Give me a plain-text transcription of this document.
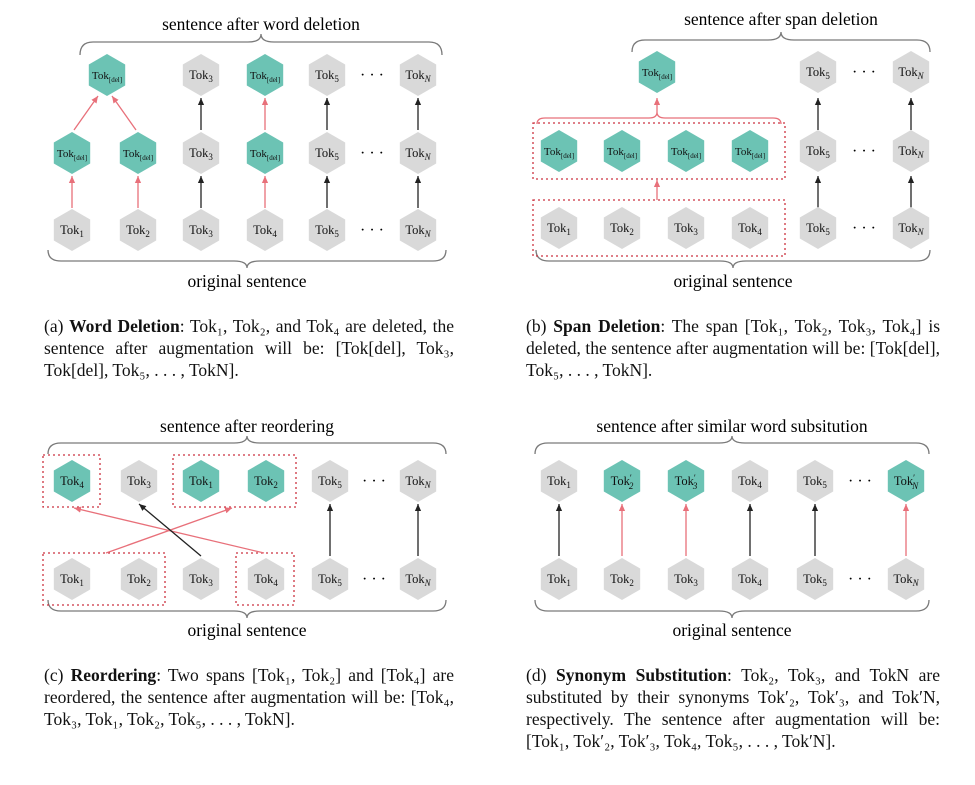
sentence after word deletion
original sentence
sentence after span deletion
original sentence
sentence after reordering
original sentence
sentence after similar word subsitution
original sentence
Tok$_{[del]}$	Tok$_3$	Tok$_{[del]}$	Tok$_5$ · · · Tok$_N$
Tok$_{[del]}$	Tok$_{[del]}$	Tok$_3$	Tok$_{[del]}$	Tok$_5$ · · · Tok$_N$
Tok$_1$	Tok$_2$	Tok$_3$	Tok$_4$	Tok$_5$ · · · Tok$_N$
Tok$_{[del]}$	Tok$_5$ · · · Tok$_N$
Tok$_{[del]}$	Tok$_{[del]}$	Tok$_{[del]}$	Tok$_{[del]}$	Tok$_5$ · · · Tok$_N$
Tok$_1$	Tok$_2$	Tok$_3$	Tok$_4$	Tok$_5$ · · · Tok$_N$
Tok$_4$	Tok$_3$	Tok$_1$	Tok$_2$	Tok$_5$ · · · Tok$_N$
Tok$_1$	Tok$_2$	Tok$_3$	Tok$_4$	Tok$_5$ · · · Tok$_N$
Tok$_1$	Tok′ 2	Tok′ 3	Tok$_4$	Tok$_5$ · · · Tok′ N
Tok$_1$	Tok$_2$	Tok$_3$	Tok$_4$	Tok$_5$ · · · Tok$_N$
(a) Word Deletion: Tok₁, Tok₂, and Tok₄ are deleted, the sentence after augmentation will be: [Tok[del], Tok₃, Tok[del], Tok₅, . . . , TokN].
(b) Span Deletion: The span [Tok₁, Tok₂, Tok₃, Tok₄] is deleted, the sentence after augmentation will be: [Tok[del], Tok₅, . . . , TokN].
(c) Reordering: Two spans [Tok₁, Tok₂] and [Tok₄] are reordered, the sentence after augmentation will be: [Tok₄, Tok₃, Tok₁, Tok₂, Tok₅, . . . , TokN].
(d) Synonym Substitution: Tok₂, Tok₃, and TokN are substituted by their synonyms Tok′₂, Tok′₃, and Tok′N, respectively. The sentence after augmentation will be: [Tok₁, Tok′₂, Tok′₃, Tok₄, Tok₅, . . . , Tok′N].
